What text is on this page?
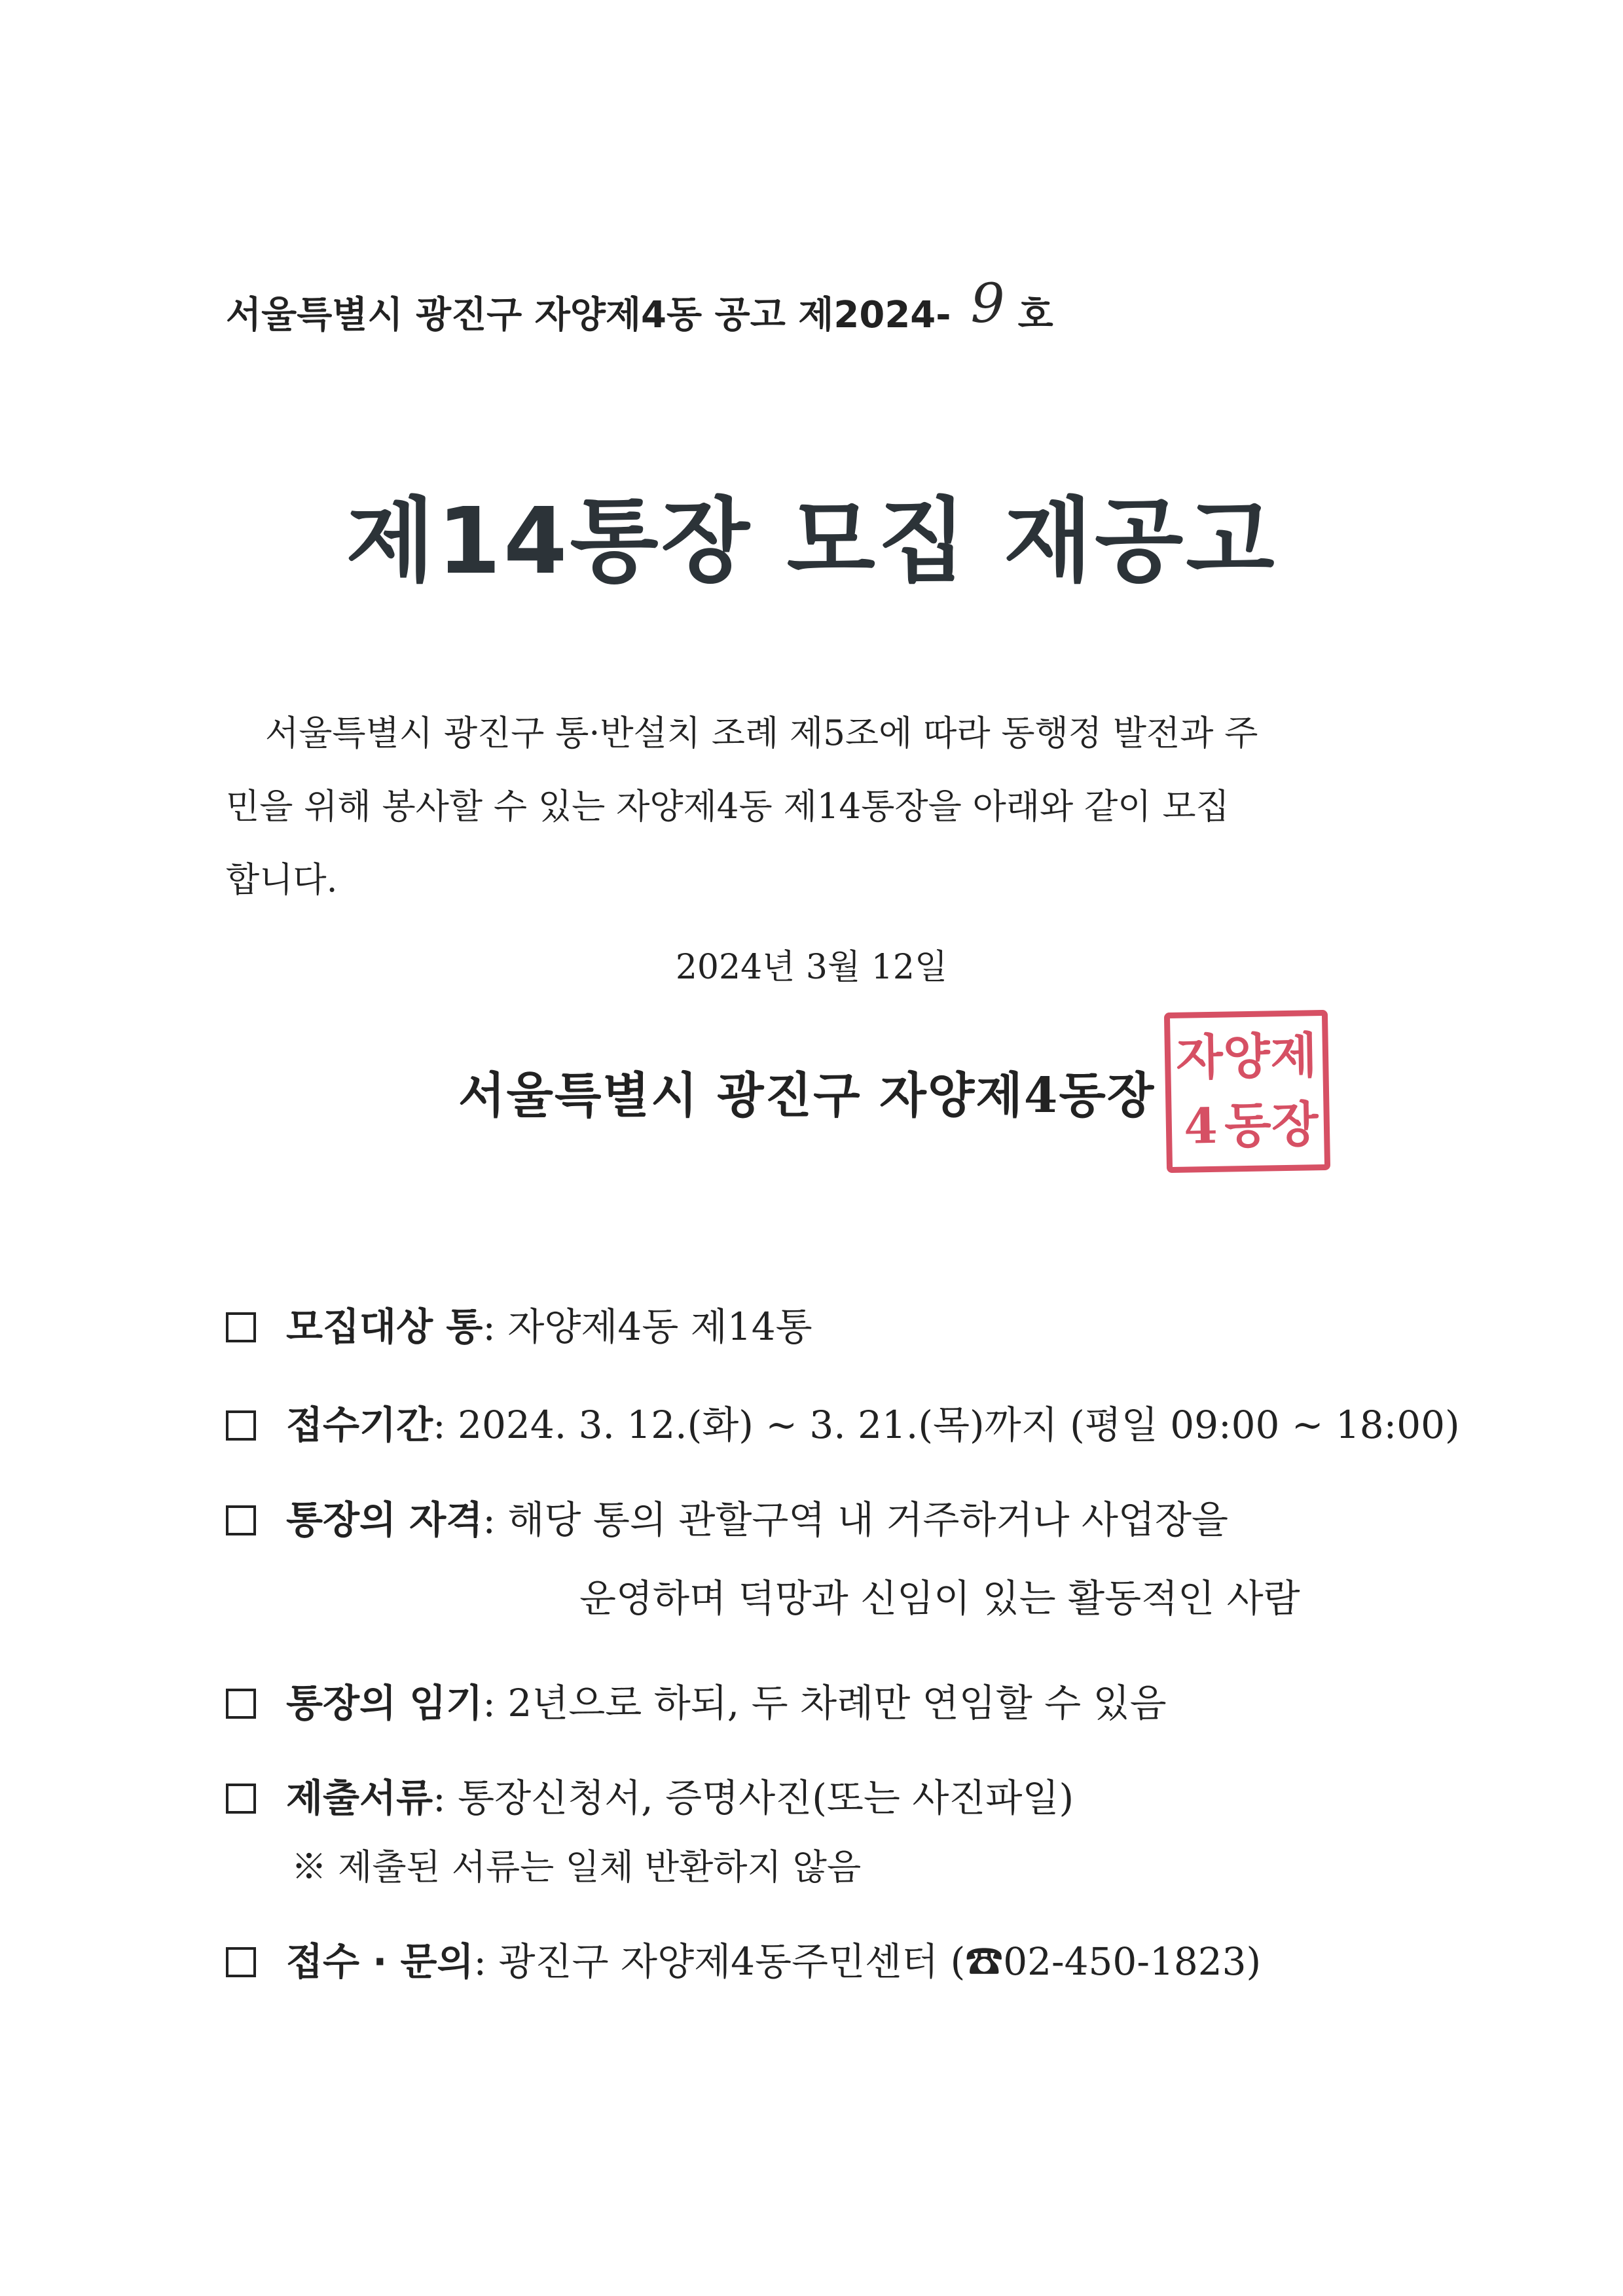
서울특별시 광진구 자양제4동 공고 제2024- 9 호
제14통장 모집 재공고
서울특별시 광진구 통·반설치 조례 제5조에 따라 동행정 발전과 주
민을 위해 봉사할 수 있는 자양제4동 제14통장을 아래와 같이 모집
합니다.
2024년 3월 12일
서울특별시 광진구 자양제4동장
자 양 제
4 동 장
모집대상 통: 자양제4동 제14통
접수기간: 2024. 3. 12.(화) ~ 3. 21.(목)까지 (평일 09:00 ~ 18:00)
통장의 자격: 해당 통의 관할구역 내 거주하거나 사업장을
운영하며 덕망과 신임이 있는 활동적인 사람
통장의 임기: 2년으로 하되, 두 차례만 연임할 수 있음
제출서류: 통장신청서, 증명사진(또는 사진파일)
※ 제출된 서류는 일체 반환하지 않음
접수 · 문의: 광진구 자양제4동주민센터 (☎02-450-1823)
